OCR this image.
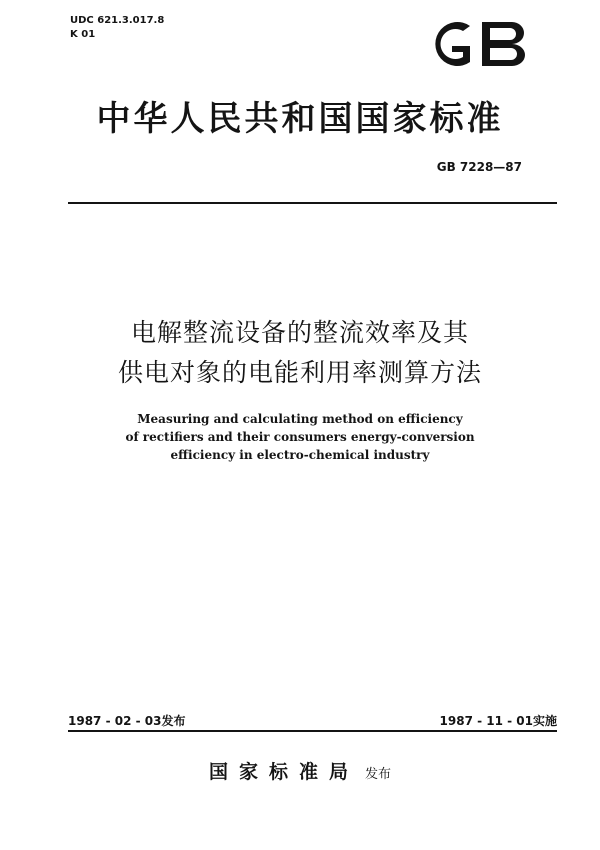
UDC 621.3.017.8
K 01
中华人民共和国国家标准
GB 7228—87
电解整流设备的整流效率及其
供电对象的电能利用率测算方法
Measuring and calculating method on efficiency
of rectifiers and their consumers energy-conversion
efficiency in electro-chemical industry
1987 - 02 - 03发布	1987 - 11 - 01实施
国家标准局 发布
